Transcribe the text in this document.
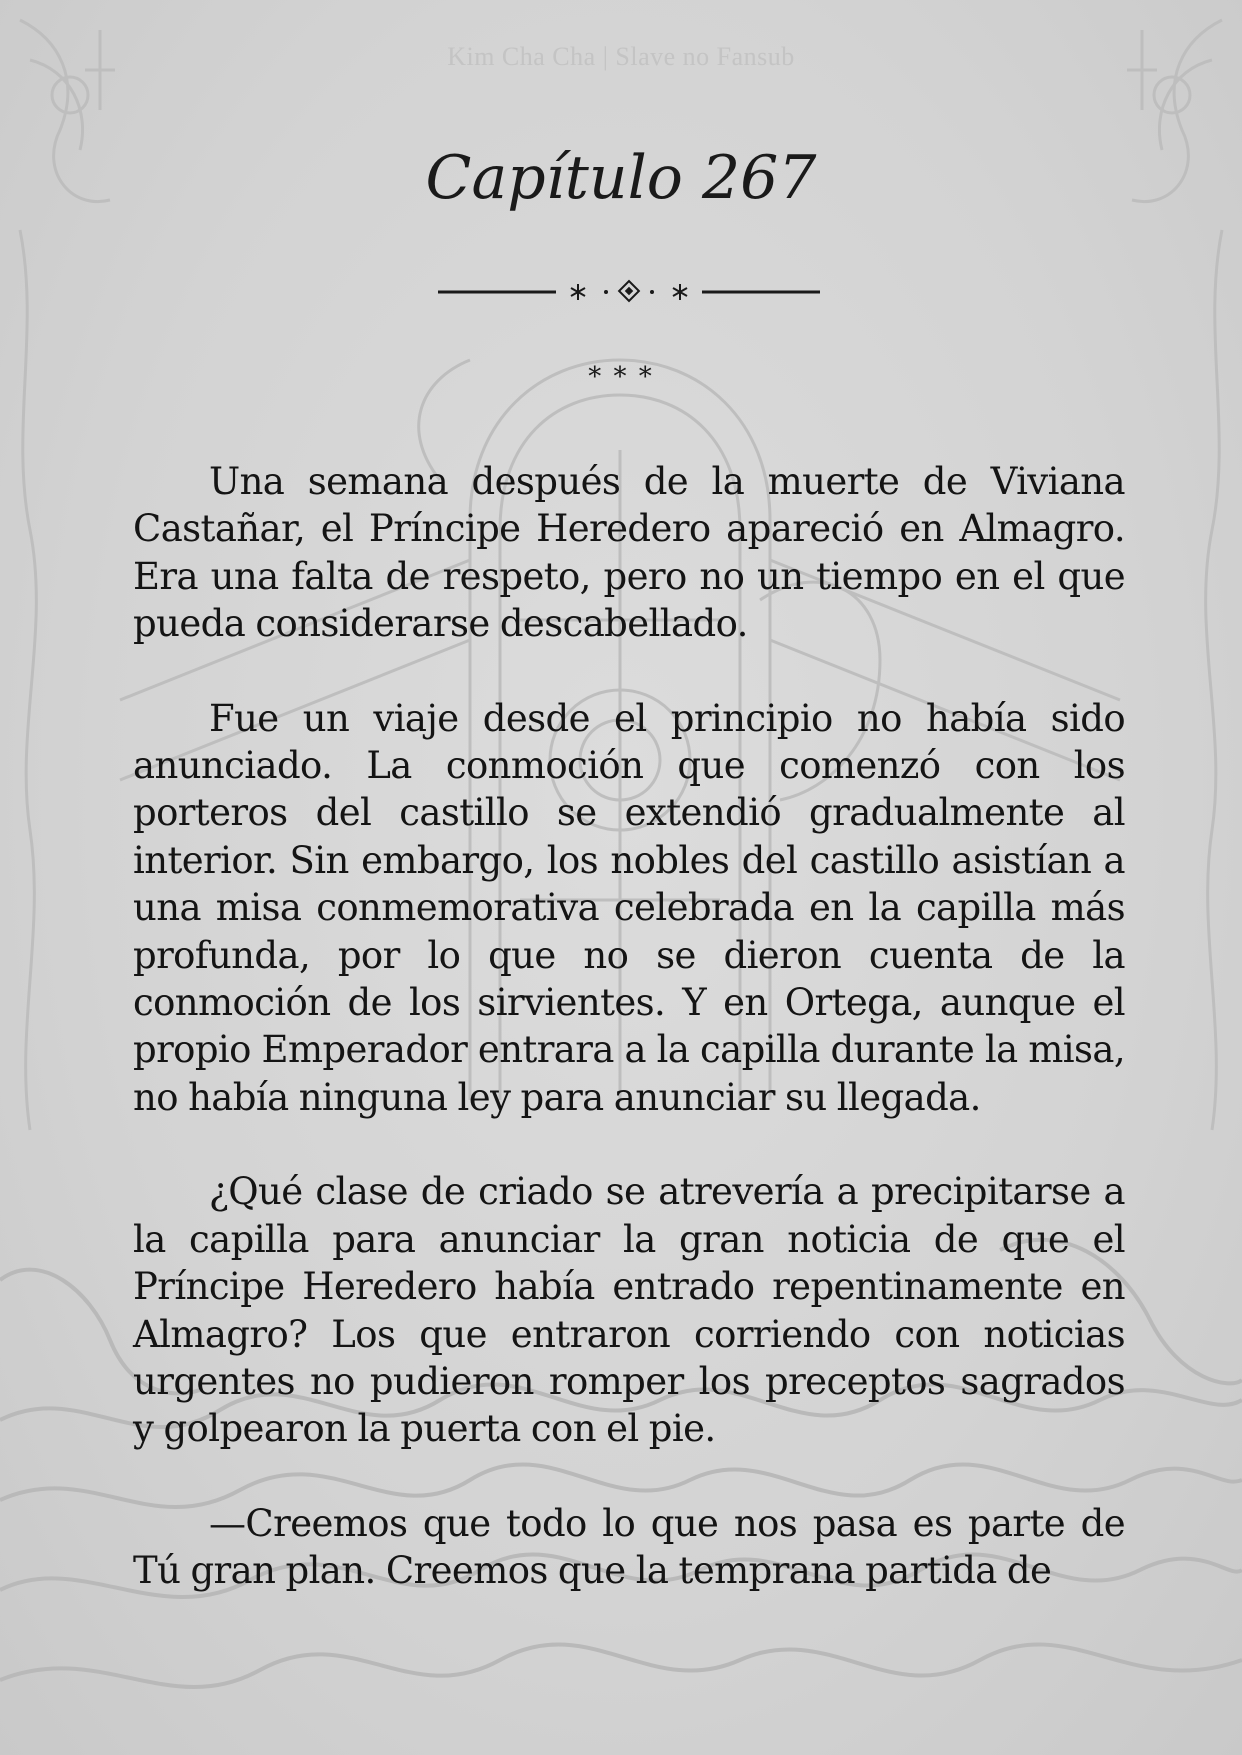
Kim Cha Cha | Slave no Fansub
Capítulo 267
* * *

Una semana después de la muerte de Viviana Castañar, el Príncipe Heredero apareció en Almagro. Era una falta de respeto, pero no un tiempo en el que pueda considerarse descabellado.

Fue un viaje desde el principio no había sido anunciado. La conmoción que comenzó con los porteros del castillo se extendió gradualmente al interior. Sin embargo, los nobles del castillo asistían a una misa conmemorativa celebrada en la capilla más profunda, por lo que no se dieron cuenta de la conmoción de los sirvientes. Y en Ortega, aunque el propio Emperador entrara a la capilla durante la misa, no había ninguna ley para anunciar su llegada.

¿Qué clase de criado se atrevería a precipitarse a la capilla para anunciar la gran noticia de que el Príncipe Heredero había entrado repentinamente en Almagro? Los que entraron corriendo con noticias urgentes no pudieron romper los preceptos sagrados y golpearon la puerta con el pie.

—Creemos que todo lo que nos pasa es parte de Tú gran plan. Creemos que la temprana partida de
